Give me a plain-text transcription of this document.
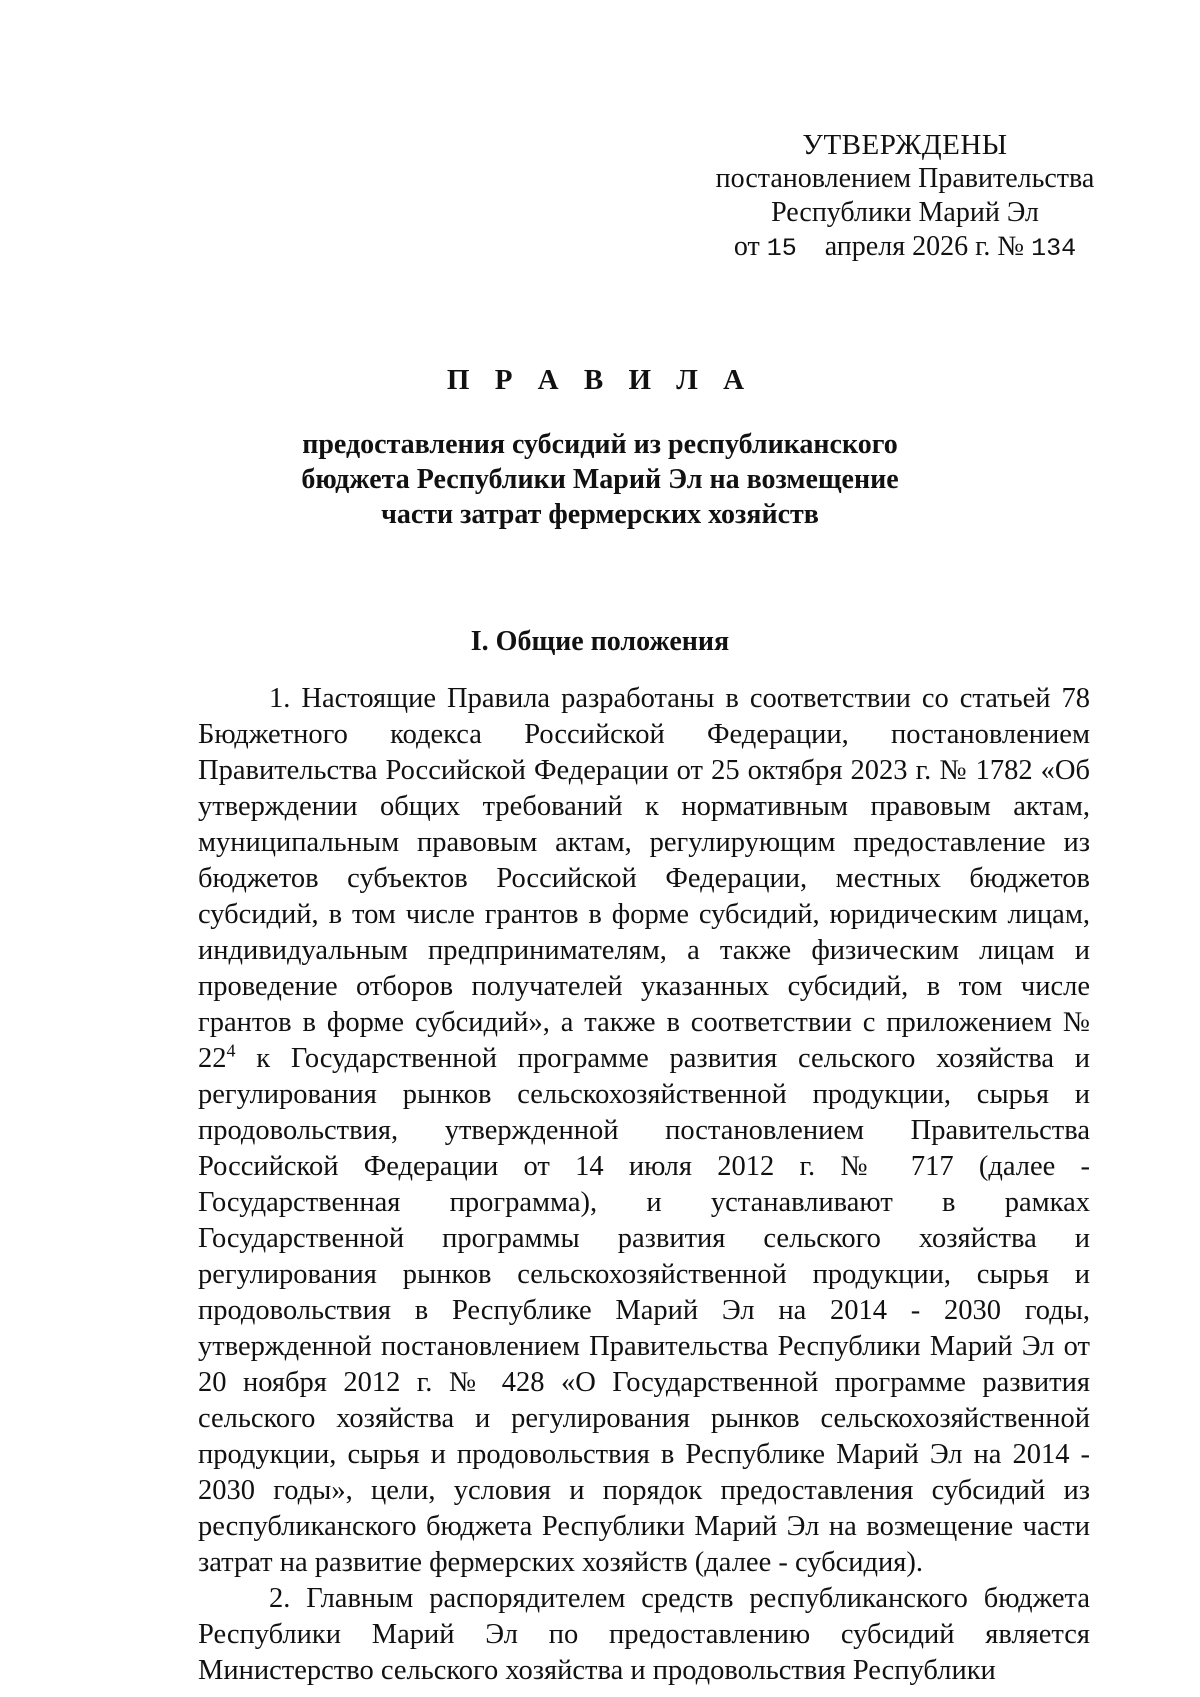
УТВЕРЖДЕНЫ
постановлением Правительства
Республики Марий Эл
от 15 апреля 2026 г. № 134
П Р А В И Л А
предоставления субсидий из республиканского
бюджета Республики Марий Эл на возмещение
части затрат фермерских хозяйств
I. Общие положения

1. Настоящие Правила разработаны в соответствии со статьей 78 Бюджетного кодекса Российской Федерации, постановлением Правительства Российской Федерации от 25 октября 2023 г. № 1782 «Об утверждении общих требований к нормативным правовым актам, муниципальным правовым актам, регулирующим предоставление из бюджетов субъектов Российской Федерации, местных бюджетов субсидий, в том числе грантов в форме субсидий, юридическим лицам, индивидуальным предпринимателям, а также физическим лицам и проведение отборов получателей указанных субсидий, в том числе грантов в форме субсидий», а также в соответствии с приложением № $22^4$ к Государственной программе развития сельского хозяйства и регулирования рынков сельскохозяйственной продукции, сырья и продовольствия, утвержденной постановлением Правительства Российской Федерации от 14 июля 2012 г. № 717 (далее - Государственная программа), и устанавливают в рамках Государственной программы развития сельского хозяйства и регулирования рынков сельскохозяйственной продукции, сырья и продовольствия в Республике Марий Эл на 2014 - 2030 годы, утвержденной постановлением Правительства Республики Марий Эл от 20 ноября 2012 г. № 428 «О Государственной программе развития сельского хозяйства и регулирования рынков сельскохозяйственной продукции, сырья и продовольствия в Республике Марий Эл на 2014 - 2030 годы», цели, условия и порядок предоставления субсидий из республиканского бюджета Республики Марий Эл на возмещение части затрат на развитие фермерских хозяйств (далее - субсидия).

2. Главным распорядителем средств республиканского бюджета Республики Марий Эл по предоставлению субсидий является Министерство сельского хозяйства и продовольствия Республики
